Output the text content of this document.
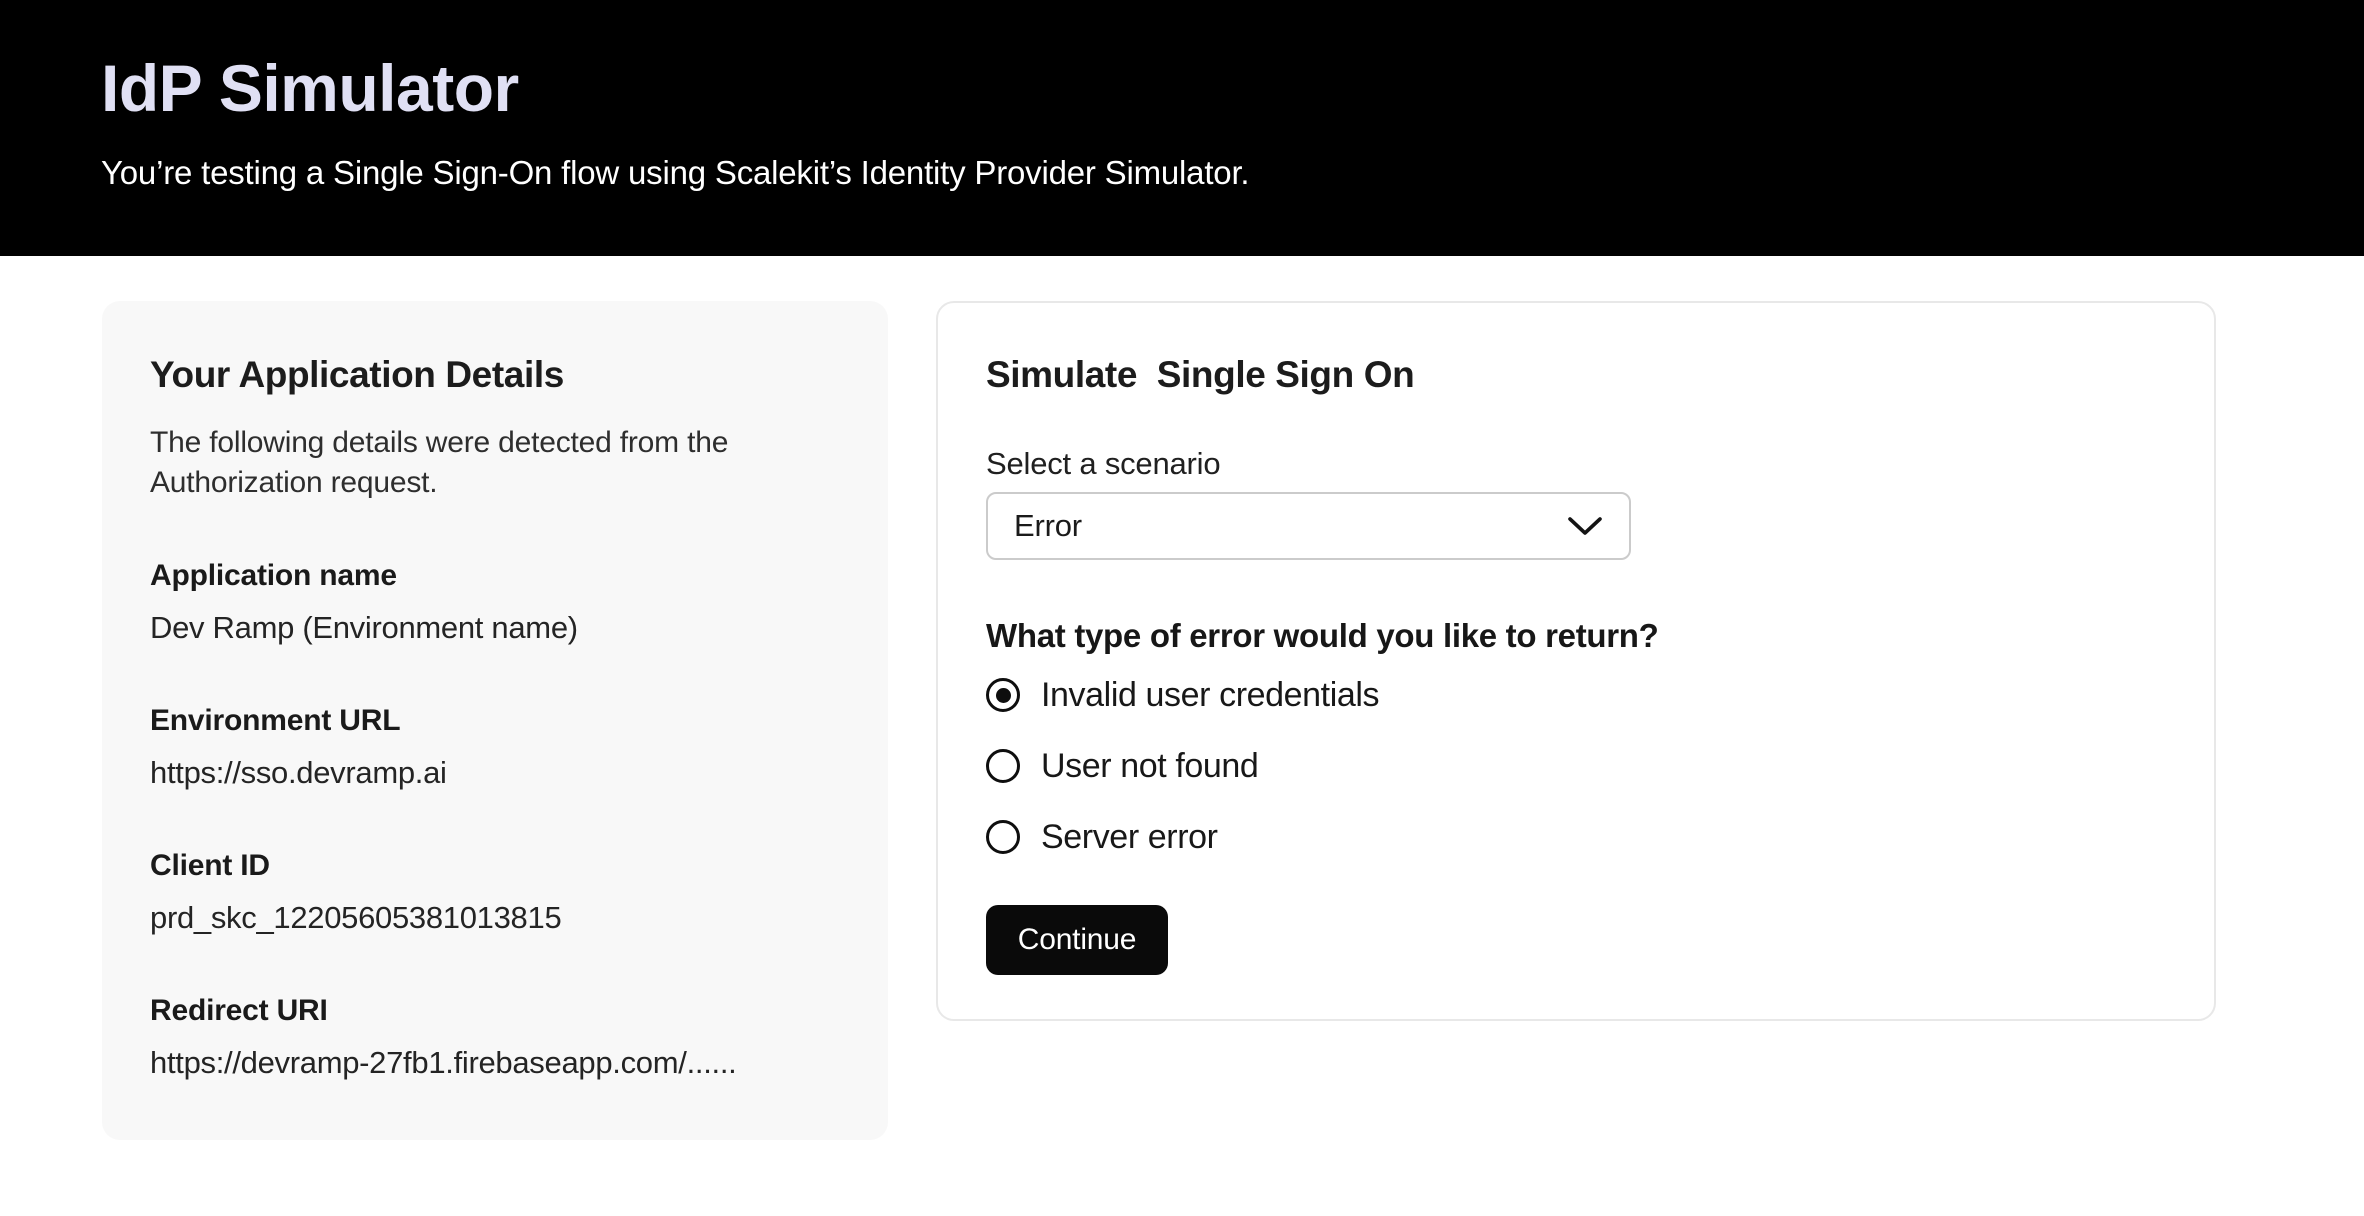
IdP Simulator

You’re testing a Single Sign-On flow using Scalekit’s Identity Provider Simulator.

Your Application Details

The following details were detected from the Authorization request.

Application name
Dev Ramp (Environment name)
Environment URL
https://sso.devramp.ai
Client ID
prd_skc_12205605381013815
Redirect URI
https://devramp-27fb1.firebaseapp.com/......
Simulate  Single Sign On
Select a scenario
Error
What type of error would you like to return?
Invalid user credentials
User not found
Server error
Continue
